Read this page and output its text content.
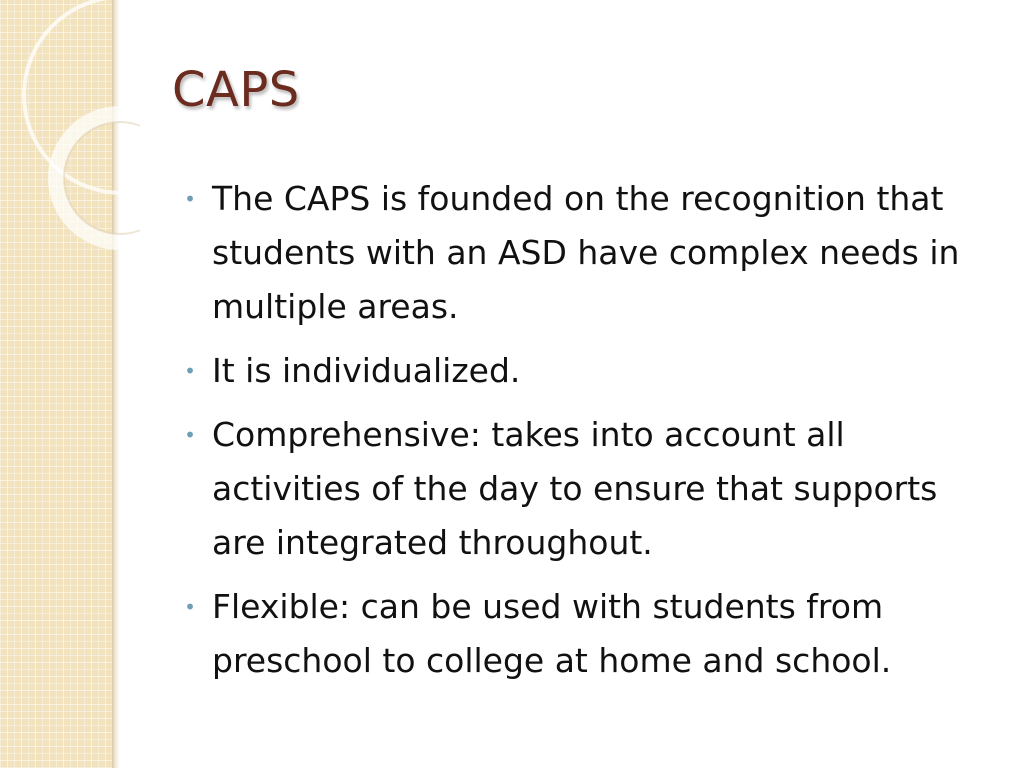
CAPS
• The CAPS is founded on the recognition that students with an ASD have complex needs in multiple areas.
• It is individualized.
• Comprehensive: takes into account all activities of the day to ensure that supports are integrated throughout.
• Flexible: can be used with students from preschool to college at home and school.
